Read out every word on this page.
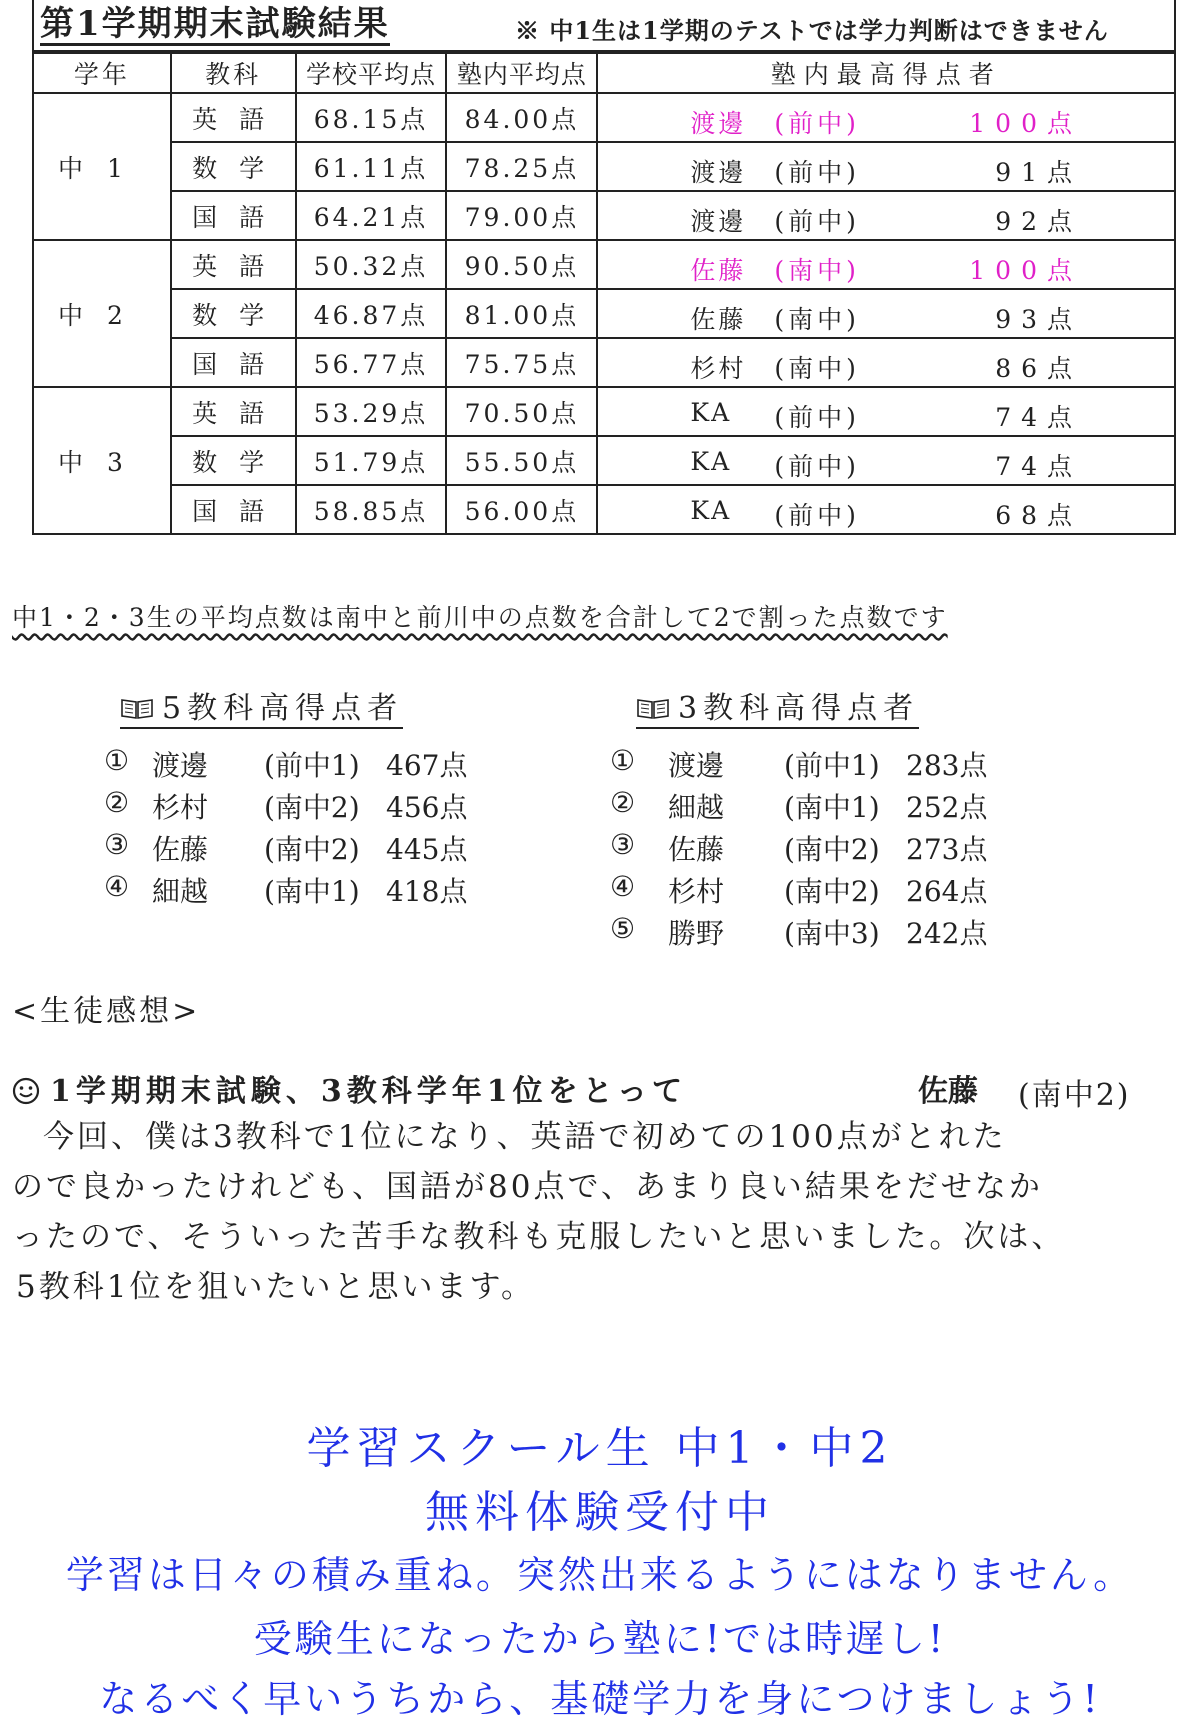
第1学期期末試験結果	※ 中1生は1学期のテストでは学力判断はできません
学年	教科	学校平均点	塾内平均点	塾内最高得点者
中1	英語	68.15点	84.00点	渡邊 (前中) 100点

	数学	61.11点	78.25点	渡邊 (前中) 91点

	国語	64.21点	79.00点	渡邊 (前中) 92点

中2	英語	50.32点	90.50点	佐藤 (南中) 100点

	数学	46.87点	81.00点	佐藤 (南中) 93点

	国語	56.77点	75.75点	杉村 (南中) 86点

中3	英語	53.29点	70.50点	KA (前中) 74点

	数学	51.79点	55.50点	KA (前中) 74点

	国語	58.85点	56.00点	KA (前中) 68点
中1・2・3生の平均点数は南中と前川中の点数を合計して2で割った点数です
5教科高得点者
① 渡邊 (前中1) 467点
② 杉村 (南中2) 456点
③ 佐藤 (南中2) 445点
④ 細越 (南中1) 418点
3教科高得点者
① 渡邊 (前中1) 283点
② 細越 (南中1) 252点
③ 佐藤 (南中2) 273点
④ 杉村 (南中2) 264点
⑤ 勝野 (南中3) 242点
<生徒感想>
1学期期末試験、3教科学年1位をとって	佐藤 (南中2)
今回、僕は3教科で1位になり、英語で初めての100点がとれた
ので良かったけれども、国語が80点で、あまり良い結果をだせなか
ったので、そういった苦手な教科も克服したいと思いました。次は、
5教科1位を狙いたいと思います。
学習スクール生 中1・中2
無料体験受付中
学習は日々の積み重ね。突然出来るようにはなりません。
受験生になったから塾に!では時遅し!
なるべく早いうちから、基礎学力を身につけましょう!
